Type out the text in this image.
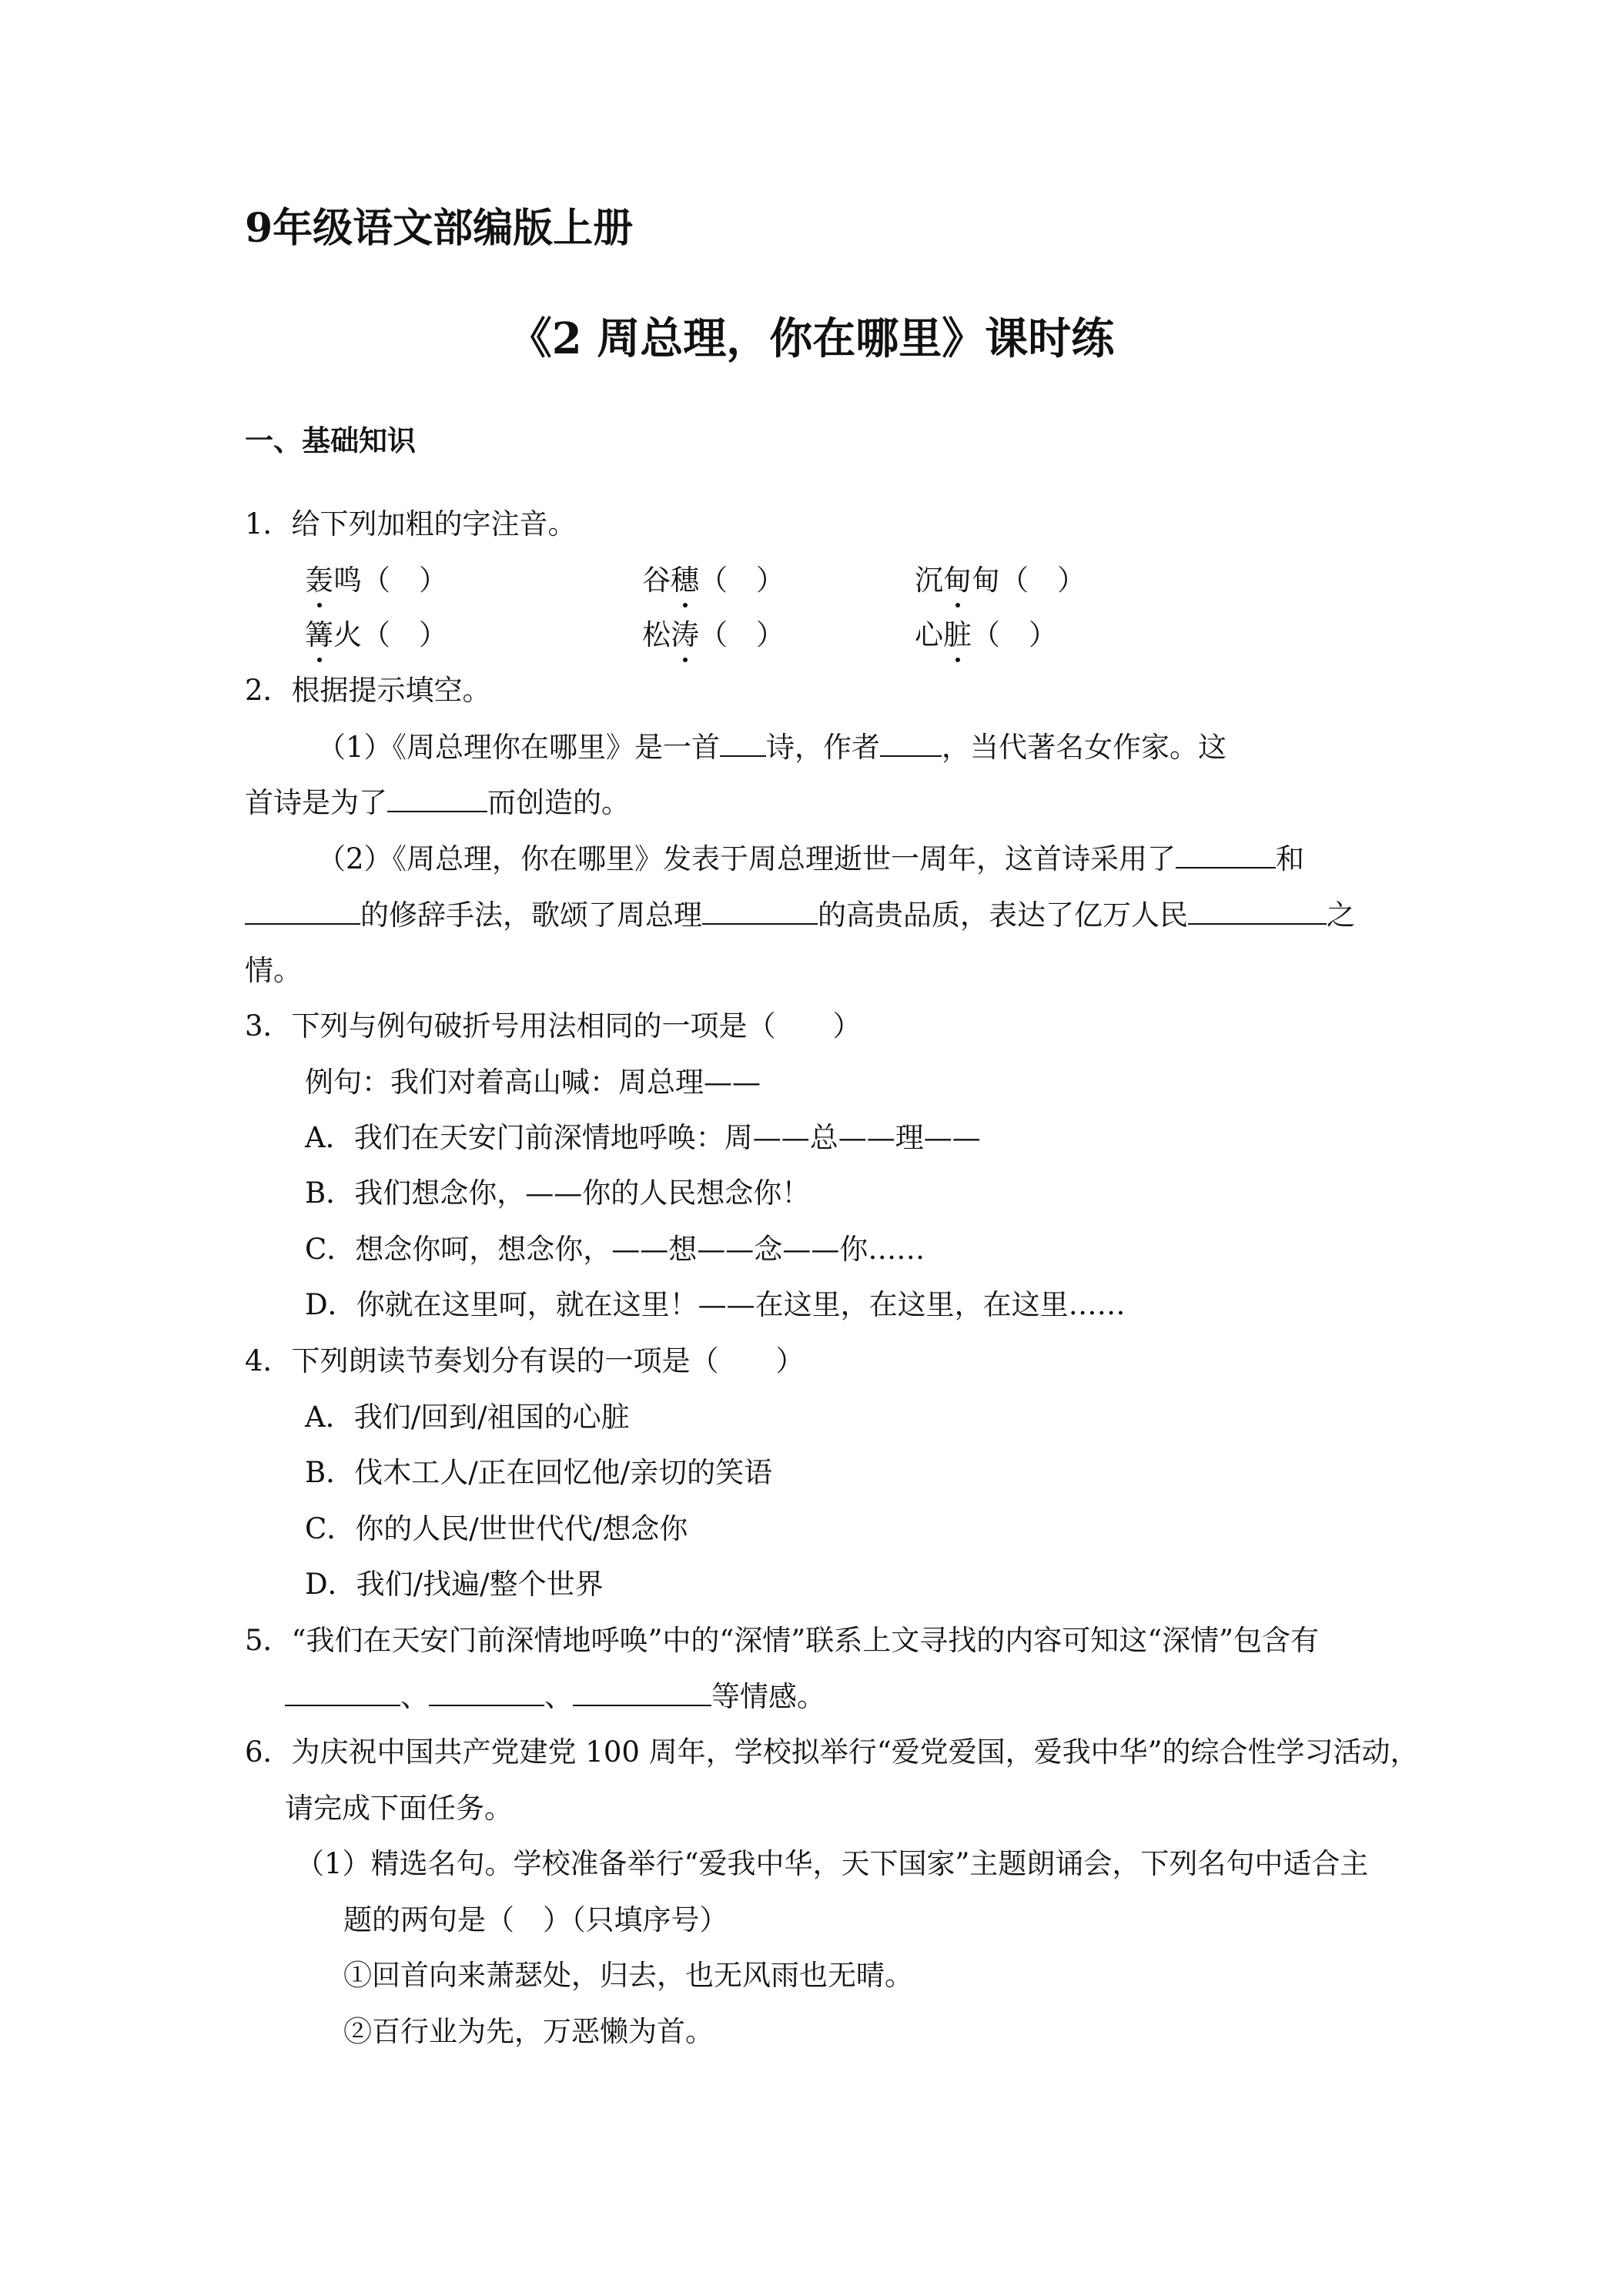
9年级语文部编版上册
《2 周总理，你在哪里》课时练
一、基础知识
1．给下列加粗的字注音。
轰鸣（　）	谷穗（　）	沉甸甸（　）
篝火（　）	松涛（　）	心脏（　）
2．根据提示填空。
（1）《周总理你在哪里》是一首 诗，作者 ，当代著名女作家。这
首诗是为了	而创造的。
（2）《周总理，你在哪里》发表于周总理逝世一周年，这首诗采用了	和
的修辞手法，歌颂了周总理	的高贵品质，表达了亿万人民	之
情。
3．下列与例句破折号用法相同的一项是（　　）
例句：我们对着高山喊：周总理——
A．我们在天安门前深情地呼唤：周——总——理——
B．我们想念你，——你的人民想念你！
C．想念你呵，想念你，——想——念——你……
D．你就在这里呵，就在这里！——在这里，在这里，在这里……
4．下列朗读节奏划分有误的一项是（　　）
A．我们/回到/祖国的心脏
B．伐木工人/正在回忆他/亲切的笑语
C．你的人民/世世代代/想念你
D．我们/找遍/整个世界
5．“我们在天安门前深情地呼唤”中的“深情”联系上文寻找的内容可知这“深情”包含有
、	、	等情感。
6．为庆祝中国共产党建党 100 周年，学校拟举行“爱党爱国，爱我中华”的综合性学习活动，
请完成下面任务。
（1）精选名句。学校准备举行“爱我中华，天下国家”主题朗诵会，下列名句中适合主
题的两句是（　）（只填序号）
①回首向来萧瑟处，归去，也无风雨也无晴。
②百行业为先，万恶懒为首。
